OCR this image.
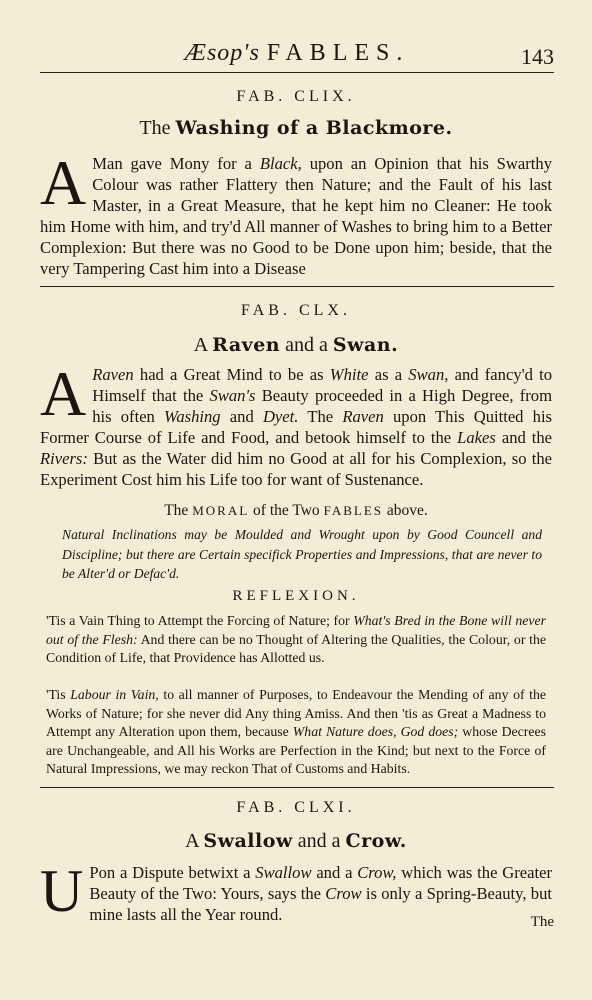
Æsop's FABLES.	143
FAB. CLIX.
The Washing of a Blackmore.
A Man gave Mony for a Black, upon an Opinion that his Swarthy Colour was rather Flattery then Nature; and the Fault of his last Master, in a Great Measure, that he kept him no Cleaner: He took him Home with him, and try'd All manner of Washes to bring him to a Better Complexion: But there was no Good to be Done upon him; beside, that the very Tampering Cast him into a Disease
FAB. CLX.
A Raven and a Swan.
A Raven had a Great Mind to be as White as a Swan, and fancy'd to Himself that the Swan's Beauty proceeded in a High Degree, from his often Washing and Dyet. The Raven upon This Quitted his Former Course of Life and Food, and betook himself to the Lakes and the Rivers: But as the Water did him no Good at all for his Complexion, so the Experiment Cost him his Life too for want of Sustenance.
The MORAL of the Two FABLES above.
Natural Inclinations may be Moulded and Wrought upon by Good Councell and Discipline; but there are Certain specifick Properties and Impressions, that are never to be Alter'd or Defac'd.
REFLEXION.
'Tis a Vain Thing to Attempt the Forcing of Nature; for What's Bred in the Bone will never out of the Flesh: And there can be no Thought of Altering the Qualities, the Colour, or the Condition of Life, that Providence has Allotted us.
'Tis Labour in Vain, to all manner of Purposes, to Endeavour the Mending of any of the Works of Nature; for she never did Any thing Amiss. And then 'tis as Great a Madness to Attempt any Alteration upon them, because What Nature does, God does; whose Decrees are Unchangeable, and All his Works are Perfection in the Kind; but next to the Force of Natural Impressions, we may reckon That of Customs and Habits.
FAB. CLXI.
A Swallow and a Crow.
U Pon a Dispute betwixt a Swallow and a Crow, which was the Greater Beauty of the Two: Yours, says the Crow is only a Spring-Beauty, but mine lasts all the Year round.	The
